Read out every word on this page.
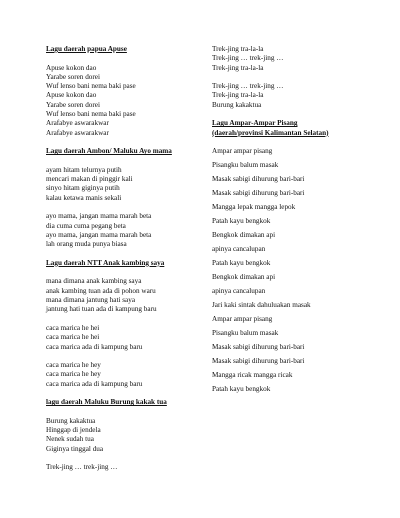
Lagu daerah papua Apuse
Apuse kokon dao
Yarabe soren dorei
Wuf lenso bani nema baki pase
Apuse kokon dao
Yarabe soren dorei
Wuf lenso bani nema baki pase
Arafabye aswarakwar
Arafabye aswarakwar
Lagu daerah Ambon/ Maluku Ayo mama
ayam hitam telurnya putih
mencari makan di pinggir kali
sinyo hitam giginya putih
kalau ketawa manis sekali
ayo mama, jangan mama marah beta
dia cuma cuma pegang beta
ayo mama, jangan mama marah beta
lah orang muda punya biasa
Lagu daerah NTT Anak kambing saya
mana dimana anak kambing saya
anak kambing tuan ada di pohon waru
mana dimana jantung hati saya
jantung hati tuan ada di kampung baru
caca marica he hei
caca marica he hei
caca marica ada di kampung baru
caca marica he hey
caca marica he hey
caca marica ada di kampung baru
lagu daerah Maluku Burung kakak tua
Burung kakaktua
Hinggap di jendela
Nenek sudah tua
Giginya tinggal dua
Trek-jing … trek-jing …
Trek-jing tra-la-la
Trek-jing … trek-jing …
Trek-jing tra-la-la
Trek-jing … trek-jing …
Trek-jing tra-la-la
Burung kakaktua
Lagu Ampar-Ampar Pisang
(daerah/provinsi Kalimantan Selatan)
Ampar ampar pisang
Pisangku balum masak
Masak sabigi dihurung bari-bari
Masak sabigi dihurung bari-bari
Mangga lepak mangga lepok
Patah kayu bengkok
Bengkok dimakan api
apinya cancalupan
Patah kayu bengkok
Bengkok dimakan api
apinya cancalupan
Jari kaki sintak dahuluakan masak
Ampar ampar pisang
Pisangku balum masak
Masak sabigi dihurung bari-bari
Masak sabigi dihurung bari-bari
Mangga ricak mangga ricak
Patah kayu bengkok
